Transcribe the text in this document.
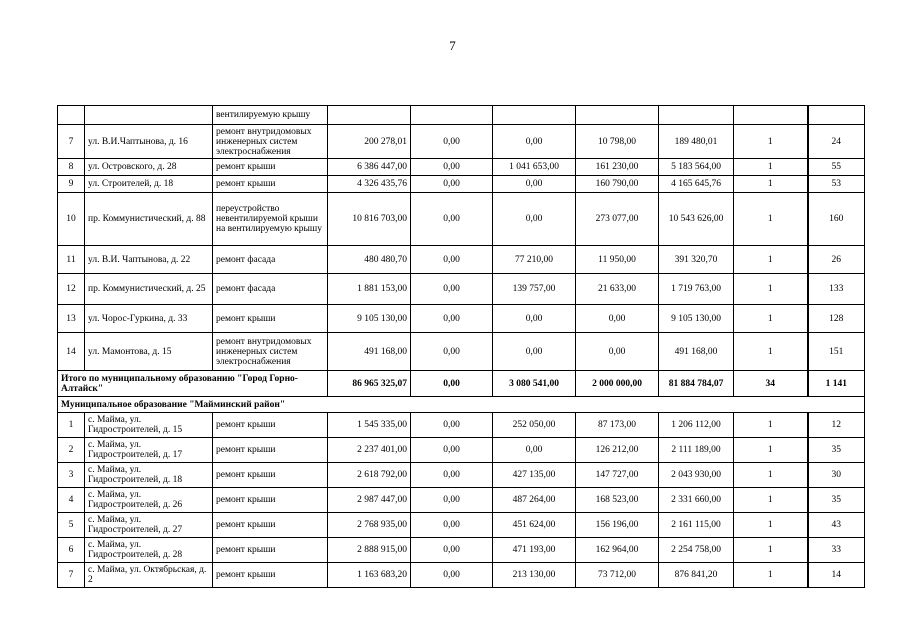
7
		вентилируемую крышу							
7	ул. В.И.Чаптынова, д. 16	ремонт внутридомовых инженерных систем электроснабжения	200 278,01	0,00	0,00	10 798,00	189 480,01	1	24
8	ул. Островского, д. 28	ремонт крыши	6 386 447,00	0,00	1 041 653,00	161 230,00	5 183 564,00	1	55
9	ул. Строителей, д. 18	ремонт крыши	4 326 435,76	0,00	0,00	160 790,00	4 165 645,76	1	53
10	пр. Коммунистический, д. 88	переустройство невентилируемой крыши на вентилируемую крышу	10 816 703,00	0,00	0,00	273 077,00	10 543 626,00	1	160
11	ул. В.И. Чаптынова, д. 22	ремонт фасада	480 480,70	0,00	77 210,00	11 950,00	391 320,70	1	26
12	пр. Коммунистический, д. 25	ремонт фасада	1 881 153,00	0,00	139 757,00	21 633,00	1 719 763,00	1	133
13	ул. Чорос-Гуркина, д. 33	ремонт крыши	9 105 130,00	0,00	0,00	0,00	9 105 130,00	1	128
14	ул. Мамонтова, д. 15	ремонт внутридомовых инженерных систем электроснабжения	491 168,00	0,00	0,00	0,00	491 168,00	1	151
Итого по муниципальному образованию "Город Горно-Алтайск"			86 965 325,07	0,00	3 080 541,00	2 000 000,00	81 884 784,07	34	1 141
Муниципальное образование "Майминский район"									
1	с. Майма, ул. Гидростроителей, д. 15	ремонт крыши	1 545 335,00	0,00	252 050,00	87 173,00	1 206 112,00	1	12
2	с. Майма, ул. Гидростроителей, д. 17	ремонт крыши	2 237 401,00	0,00	0,00	126 212,00	2 111 189,00	1	35
3	с. Майма, ул. Гидростроителей, д. 18	ремонт крыши	2 618 792,00	0,00	427 135,00	147 727,00	2 043 930,00	1	30
4	с. Майма, ул. Гидростроителей, д. 26	ремонт крыши	2 987 447,00	0,00	487 264,00	168 523,00	2 331 660,00	1	35
5	с. Майма, ул. Гидростроителей, д. 27	ремонт крыши	2 768 935,00	0,00	451 624,00	156 196,00	2 161 115,00	1	43
6	с. Майма, ул. Гидростроителей, д. 28	ремонт крыши	2 888 915,00	0,00	471 193,00	162 964,00	2 254 758,00	1	33
7	с. Майма, ул. Октябрьская, д. 2	ремонт крыши	1 163 683,20	0,00	213 130,00	73 712,00	876 841,20	1	14
